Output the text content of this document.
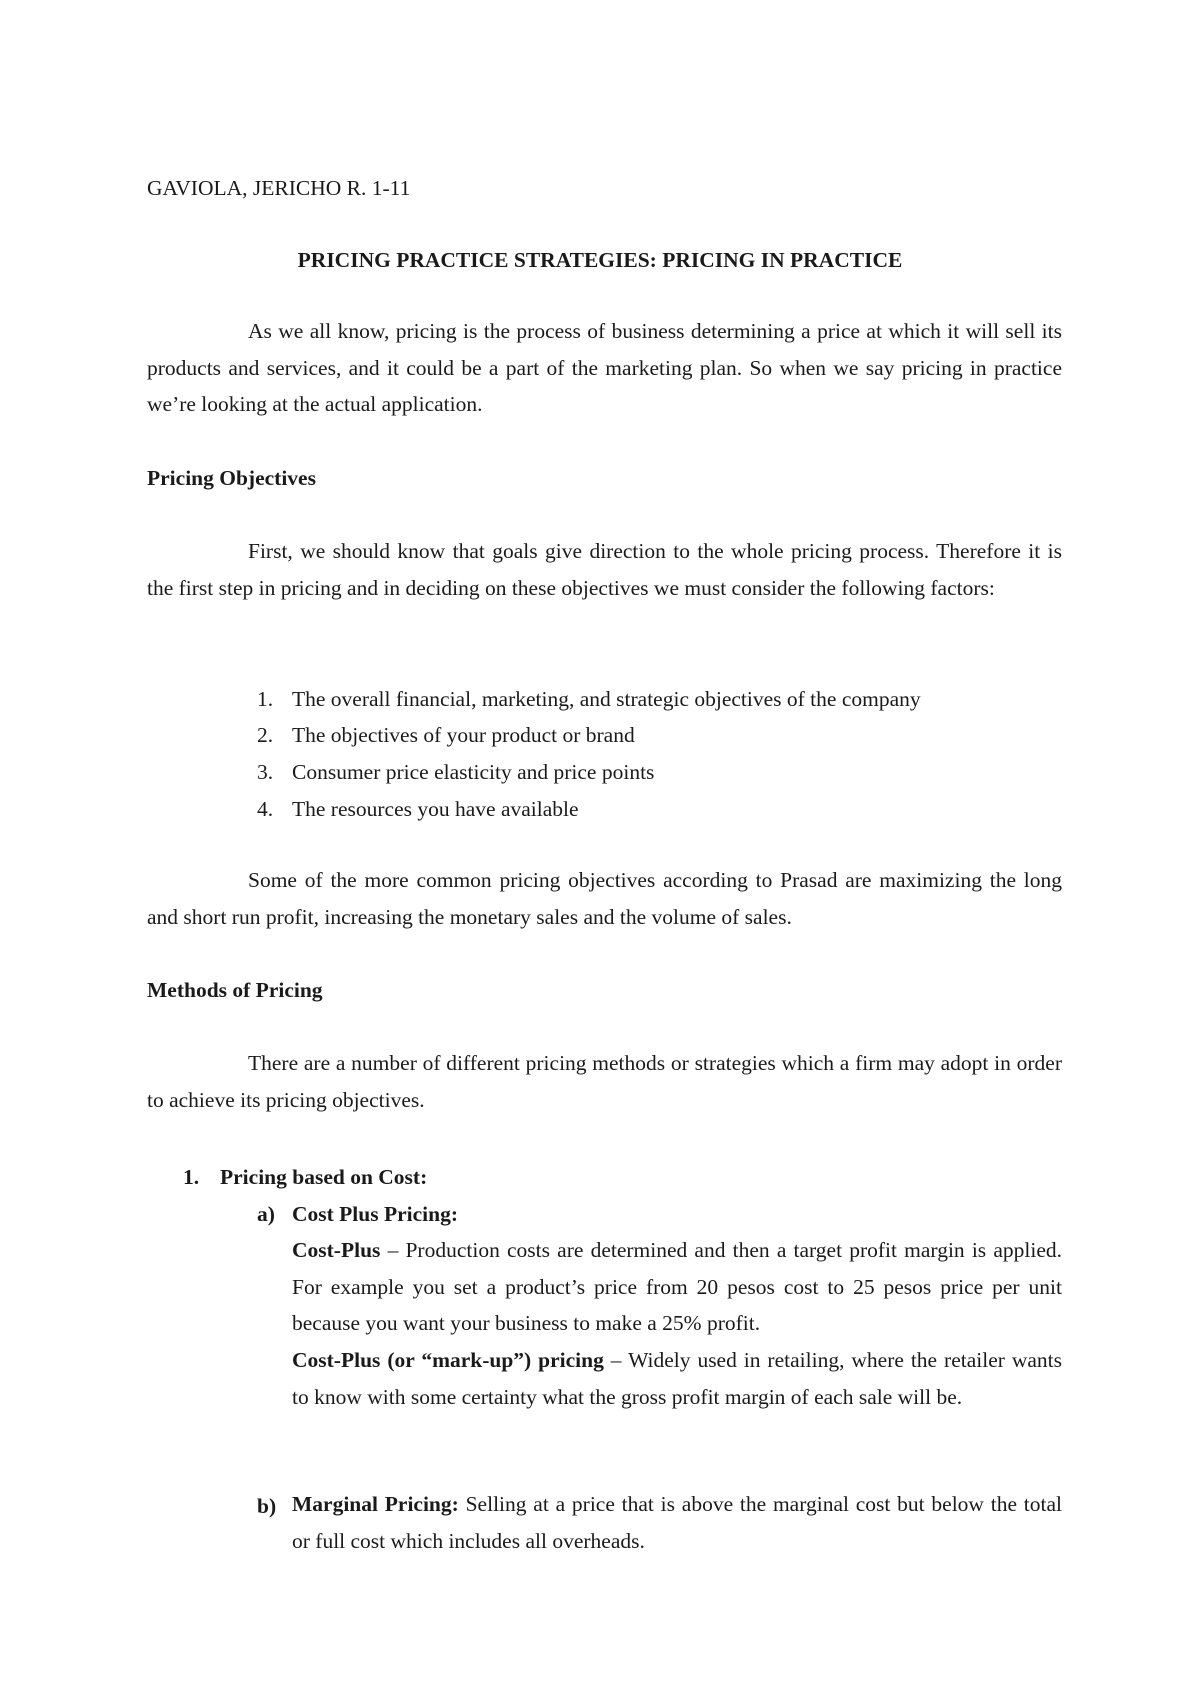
GAVIOLA, JERICHO R. 1-11
PRICING PRACTICE STRATEGIES: PRICING IN PRACTICE
As we all know, pricing is the process of business determining a price at which it will sell its products and services, and it could be a part of the marketing plan. So when we say pricing in practice we’re looking at the actual application.
Pricing Objectives
First, we should know that goals give direction to the whole pricing process. Therefore it is the first step in pricing and in deciding on these objectives we must consider the following factors:
1. The overall financial, marketing, and strategic objectives of the company
2. The objectives of your product or brand
3. Consumer price elasticity and price points
4. The resources you have available
Some of the more common pricing objectives according to Prasad are maximizing the long and short run profit, increasing the monetary sales and the volume of sales.
Methods of Pricing
There are a number of different pricing methods or strategies which a firm may adopt in order to achieve its pricing objectives.
1. Pricing based on Cost:
a) Cost Plus Pricing:
Cost-Plus – Production costs are determined and then a target profit margin is applied. For example you set a product’s price from 20 pesos cost to 25 pesos price per unit because you want your business to make a 25% profit.
Cost-Plus (or “mark-up”) pricing – Widely used in retailing, where the retailer wants to know with some certainty what the gross profit margin of each sale will be.
b) Marginal Pricing: Selling at a price that is above the marginal cost but below the total or full cost which includes all overheads.
